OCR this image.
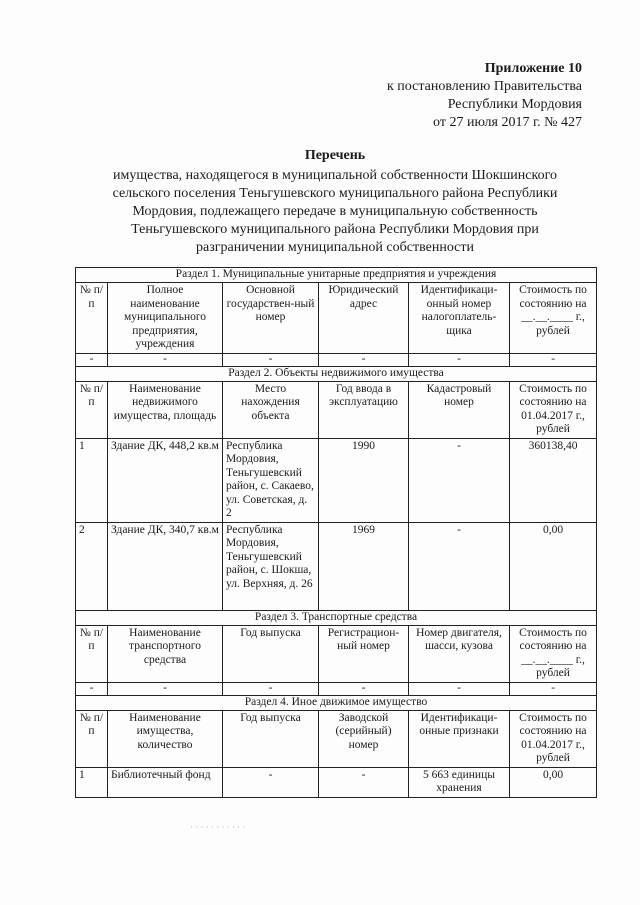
Приложение 10
к постановлению Правительства
Республики Мордовия
от 27 июля 2017 г. № 427
Перечень
имущества, находящегося в муниципальной собственности Шокшинского
сельского поселения Теньгушевского муниципального района Республики
Мордовия, подлежащего передаче в муниципальную собственность
Теньгушевского муниципального района Республики Мордовия при
разграничении муниципальной собственности
Раздел 1. Муниципальные унитарные предприятия и учреждения					
№ п/п	Полное наименование муниципального предприятия, учреждения	Основной государствен-ный номер	Юридический адрес	Идентификаци-онный номер налогоплатель-щика	Стоимость по состоянию на __.__.____ г., рублей
-	-	-	-	-	-
Раздел 2. Объекты недвижимого имущества					
№ п/п	Наименование недвижимого имущества, площадь	Место нахождения объекта	Год ввода в эксплуатацию	Кадастровый номер	Стоимость по состоянию на 01.04.2017 г., рублей
1	Здание ДК, 448,2 кв.м	Республика Мордовия, Теньгушевский район, с. Сакаево, ул. Советская, д. 2	1990	-	360138,40
2	Здание ДК, 340,7 кв.м	Республика Мордовия, Теньгушевский район, с. Шокша, ул. Верхняя, д. 26	1969	-	0,00
Раздел 3. Транспортные средства					
№ п/п	Наименование транспортного средства	Год выпуска	Регистрацион-ный номер	Номер двигателя, шасси, кузова	Стоимость по состоянию на __.__.____ г., рублей
-	-	-	-	-	-
Раздел 4. Иное движимое имущество					
№ п/п	Наименование имущества, количество	Год выпуска	Заводской (серийный) номер	Идентификаци-онные признаки	Стоимость по состоянию на 01.04.2017 г., рублей
1	Библиотечный фонд	-	-	5 663 единицы хранения	0,00
· · · · · · · · · · ·
